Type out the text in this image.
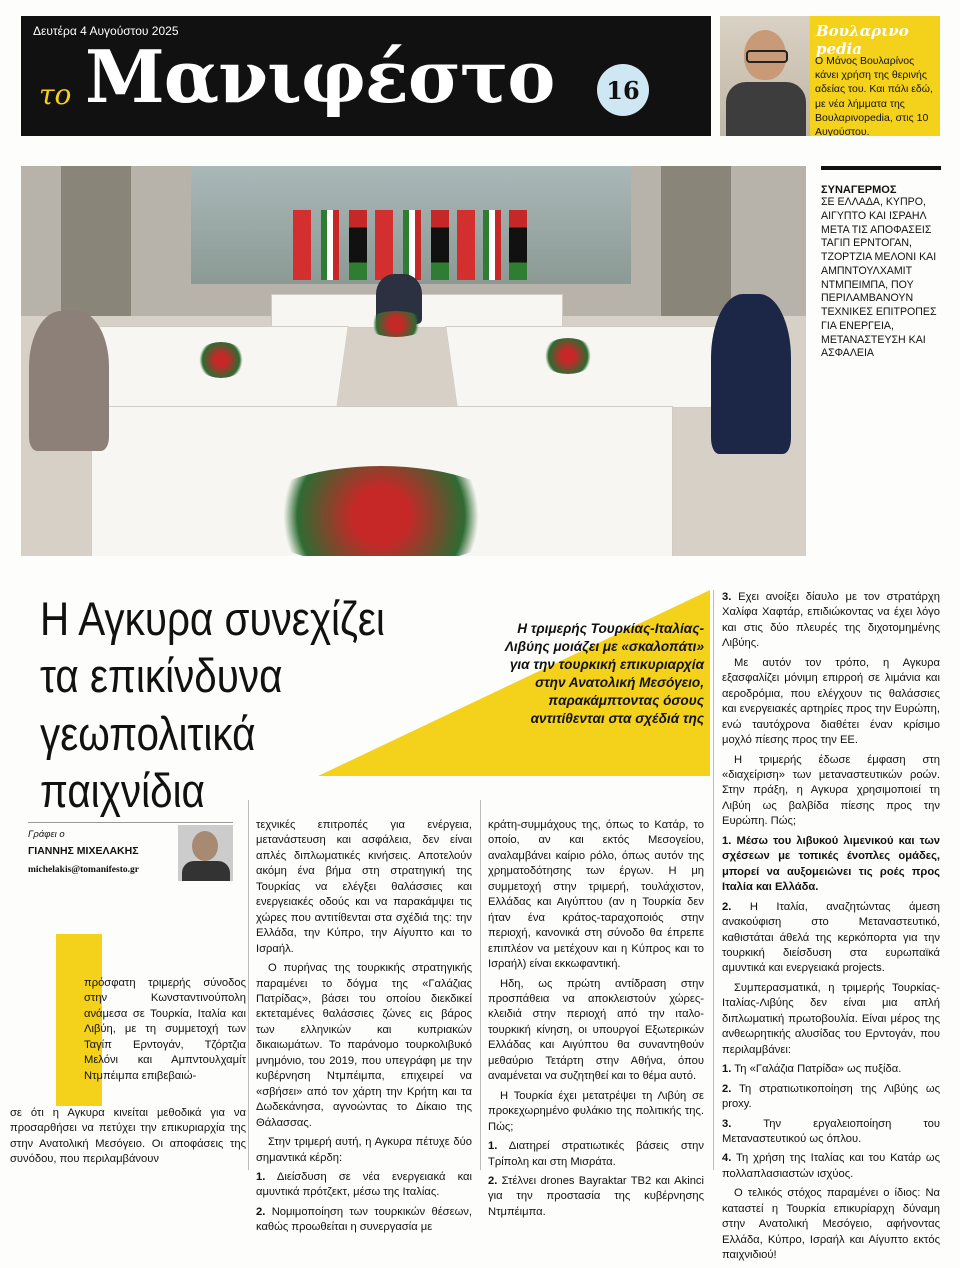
Δευτέρα 4 Αυγούστου 2025
το Μανιφέστο	16
Βουλαρινο pedia
Ο Μάνος Βουλαρίνος κάνει χρήση της θερινής αδείας του. Και πάλι εδώ, με νέα λήμματα της Βουλαρινοpedia, στις 10 Αυγούστου.
ΣΥΝΑΓΕΡΜΟΣ
ΣΕ ΕΛΛΑΔΑ, ΚΥΠΡΟ, ΑΙΓΥΠΤΟ ΚΑΙ ΙΣΡΑΗΛ ΜΕΤΑ ΤΙΣ ΑΠΟΦΑΣΕΙΣ ΤΑΓΙΠ ΕΡΝΤΟΓΑΝ, ΤΖΟΡΤΖΙΑ ΜΕΛΟΝΙ ΚΑΙ ΑΜΠΝΤΟΥΛΧΑΜΙΤ ΝΤΜΠΕΙΜΠΑ, ΠΟΥ ΠΕΡΙΛΑΜΒΑΝΟΥΝ ΤΕΧΝΙΚΕΣ ΕΠΙΤΡΟΠΕΣ ΓΙΑ ΕΝΕΡΓΕΙΑ, ΜΕΤΑΝΑΣΤΕΥΣΗ ΚΑΙ ΑΣΦΑΛΕΙΑ
Η Αγκυρα συνεχίζει
τα επικίνδυνα
γεωπολιτικά παιχνίδια
Η τριμερής Τουρκίας-Ιταλίας-Λιβύης μοιάζει με «σκαλοπάτι» για την τουρκική επικυριαρχία στην Ανατολική Μεσόγειο, παρακάμπτοντας όσους αντιτίθενται στα σχέδιά της
Γράφει ο
ΓΙΑΝΝΗΣ ΜΙΧΕΛΑΚΗΣ
michelakis@tomanifesto.gr

πρόσφατη τριμερής σύνοδος στην Κωνσταντινούπολη ανάμεσα σε Τουρκία, Ιταλία και Λιβύη, με τη συμμετοχή των Ταγίπ Ερντογάν, Τζόρτζια Μελόνι και Αμπντουλχαμίτ Ντμπέιμπα επιβεβαιώ-

σε ότι η Αγκυρα κινείται μεθοδικά για να προσαρθήσει να πετύχει την επικυριαρχία της στην Ανατολική Μεσόγειο. Οι αποφάσεις της συνόδου, που περιλαμβάνουν

τεχνικές επιτροπές για ενέργεια, μετανάστευση και ασφάλεια, δεν είναι απλές διπλωματικές κινήσεις. Αποτελούν ακόμη ένα βήμα στη στρατηγική της Τουρκίας να ελέγξει θαλάσσιες και ενεργειακές οδούς και να παρακάμψει τις χώρες που αντιτίθενται στα σχέδιά της: την Ελλάδα, την Κύπρο, την Αίγυπτο και το Ισραήλ.

Ο πυρήνας της τουρκικής στρατηγικής παραμένει το δόγμα της «Γαλάζιας Πατρίδας», βάσει του οποίου διεκδικεί εκτεταμένες θαλάσσιες ζώνες εις βάρος των ελληνικών και κυπριακών δικαιωμάτων. Το παράνομο τουρκολιβυκό μνημόνιο, του 2019, που υπεγράφη με την κυβέρνηση Ντμπέιμπα, επιχειρεί να «σβήσει» από τον χάρτη την Κρήτη και τα Δωδεκάνησα, αγνοώντας το Δίκαιο της Θάλασσας.

Στην τριμερή αυτή, η Αγκυρα πέτυχε δύο σημαντικά κέρδη:

1. Διείσδυση σε νέα ενεργειακά και αμυντικά πρότζεκτ, μέσω της Ιταλίας.

2. Νομιμοποίηση των τουρκικών θέσεων, καθώς προωθείται η συνεργασία με

κράτη-συμμάχους της, όπως το Κατάρ, το οποίο, αν και εκτός Μεσογείου, αναλαμβάνει καίριο ρόλο, όπως αυτόν της χρηματοδότησης των έργων. Η μη συμμετοχή στην τριμερή, τουλάχιστον, Ελλάδας και Αιγύπτου (αν η Τουρκία δεν ήταν ένα κράτος-ταραχοποιός στην περιοχή, κανονικά στη σύνοδο θα έπρεπε επιπλέον να μετέχουν και η Κύπρος και το Ισραήλ) είναι εκκωφαντική.

Ηδη, ως πρώτη αντίδραση στην προσπάθεια να αποκλειστούν χώρες-κλειδιά στην περιοχή από την ιταλο-τουρκική κίνηση, οι υπουργοί Εξωτερικών Ελλάδας και Αιγύπτου θα συναντηθούν μεθαύριο Τετάρτη στην Αθήνα, όπου αναμένεται να συζητηθεί και το θέμα αυτό.

Η Τουρκία έχει μετατρέψει τη Λιβύη σε προκεχωρημένο φυλάκιο της πολιτικής της. Πώς;

1. Διατηρεί στρατιωτικές βάσεις στην Τρίπολη και στη Μισράτα.

2. Στέλνει drones Bayraktar TB2 και Akinci για την προστασία της κυβέρνησης Ντμπέιμπα.

3. Εχει ανοίξει δίαυλο με τον στρατάρχη Χαλίφα Χαφτάρ, επιδιώκοντας να έχει λόγο και στις δύο πλευρές της διχοτομημένης Λιβύης.

Με αυτόν τον τρόπο, η Αγκυρα εξασφαλίζει μόνιμη επιρροή σε λιμάνια και αεροδρόμια, που ελέγχουν τις θαλάσσιες και ενεργειακές αρτηρίες προς την Ευρώπη, ενώ ταυτόχρονα διαθέτει έναν κρίσιμο μοχλό πίεσης προς την ΕΕ.

Η τριμερής έδωσε έμφαση στη «διαχείριση» των μεταναστευτικών ροών. Στην πράξη, η Αγκυρα χρησιμοποιεί τη Λιβύη ως βαλβίδα πίεσης προς την Ευρώπη. Πώς;

1. Μέσω του λιβυκού λιμενικού και των σχέσεων με τοπικές ένοπλες ομάδες, μπορεί να αυξομειώνει τις ροές προς Ιταλία και Ελλάδα.

2. Η Ιταλία, αναζητώντας άμεση ανακούφιση στο Μεταναστευτικό, καθιστάται άθελά της κερκόπορτα για την τουρκική διείσδυση στα ευρωπαϊκά αμυντικά και ενεργειακά projects.

Συμπερασματικά, η τριμερής Τουρκίας-Ιταλίας-Λιβύης δεν είναι μια απλή διπλωματική πρωτοβουλία. Είναι μέρος της ανθεωρητικής αλυσίδας του Ερντογάν, που περιλαμβάνει:

1. Τη «Γαλάζια Πατρίδα» ως πυξίδα.

2. Τη στρατιωτικοποίηση της Λιβύης ως proxy.

3.	Την εργαλειοποίηση του Μεταναστευτικού ως όπλου.

4. Τη χρήση της Ιταλίας και του Κατάρ ως πολλαπλασιαστών ισχύος.

Ο τελικός στόχος παραμένει ο ίδιος: Να καταστεί η Τουρκία επικυρίαρχη δύναμη στην Ανατολική Μεσόγειο, αφήνοντας Ελλάδα, Κύπρο, Ισραήλ και Αίγυπτο εκτός παιχνιδιού!
